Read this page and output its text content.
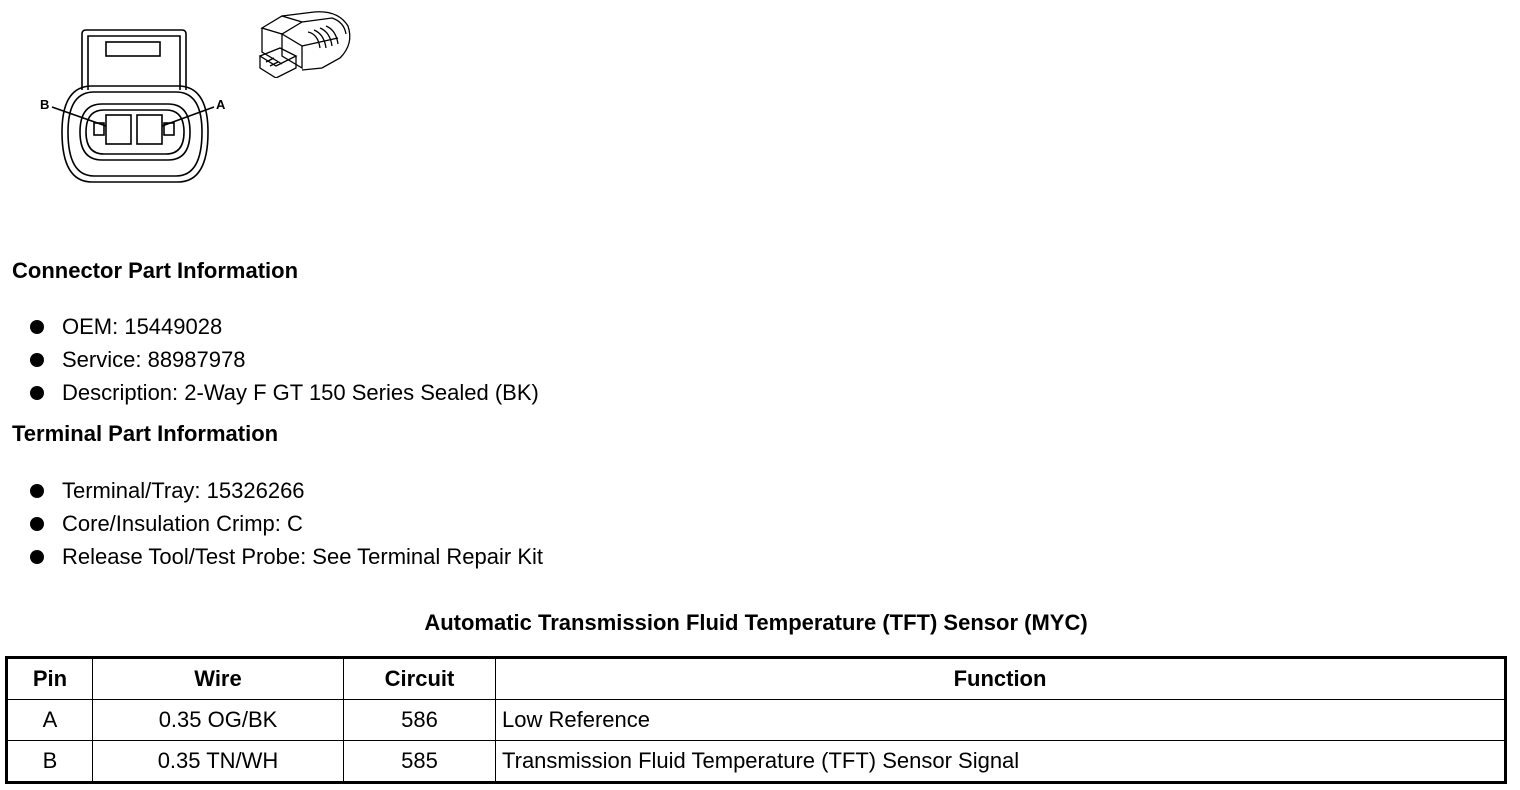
B	A
Connector Part Information
OEM: 15449028
Service: 88987978
Description: 2-Way F GT 150 Series Sealed (BK)
Terminal Part Information
Terminal/Tray: 15326266
Core/Insulation Crimp: C
Release Tool/Test Probe: See Terminal Repair Kit
Automatic Transmission Fluid Temperature (TFT) Sensor (MYC)
Pin	Wire	Circuit	Function
A	0.35 OG/BK	586	Low Reference
B	0.35 TN/WH	585	Transmission Fluid Temperature (TFT) Sensor Signal
